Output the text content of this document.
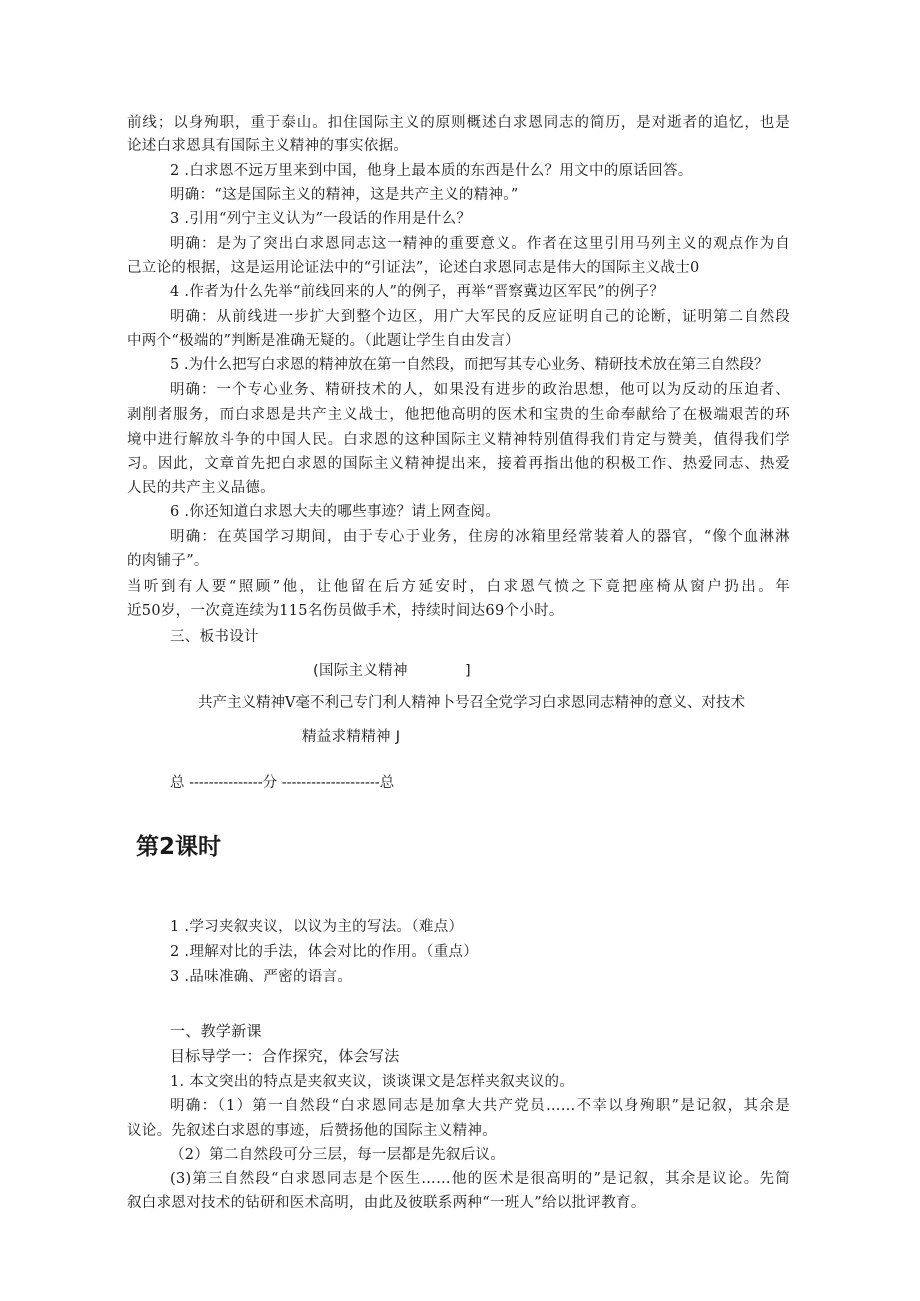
前线；以身殉职，重于泰山。扣住国际主义的原则概述白求恩同志的简历，是对逝者的追忆，也是
论述白求恩具有国际主义精神的事实依据。
2 .白求恩不远万里来到中国，他身上最本质的东西是什么？用文中的原话回答。
明确：“这是国际主义的精神，这是共产主义的精神。”
3 .引用“列宁主义认为”一段话的作用是什么？
明确：是为了突出白求恩同志这一精神的重要意义。作者在这里引用马列主义的观点作为自
己立论的根据，这是运用论证法中的“引证法”，论述白求恩同志是伟大的国际主义战士0
4 .作者为什么先举“前线回来的人”的例子，再举“晋察冀边区军民”的例子？
明确：从前线进一步扩大到整个边区，用广大军民的反应证明自己的论断，证明第二自然段
中两个“极端的”判断是准确无疑的。（此题让学生自由发言）
5 .为什么把写白求恩的精神放在第一自然段，而把写其专心业务、精研技术放在第三自然段？
明确：一个专心业务、精研技术的人，如果没有进步的政治思想，他可以为反动的压迫者、
剥削者服务，而白求恩是共产主义战士，他把他高明的医术和宝贵的生命奉献给了在极端艰苦的环
境中进行解放斗争的中国人民。白求恩的这种国际主义精神特别值得我们肯定与赞美，值得我们学
习。因此，文章首先把白求恩的国际主义精神提出来，接着再指出他的积极工作、热爱同志、热爱
人民的共产主义品德。
6 .你还知道白求恩大夫的哪些事迹？请上网查阅。
明确：在英国学习期间，由于专心于业务，住房的冰箱里经常装着人的器官，“像个血淋淋
的肉铺子”。
当听到有人要“照顾”他，让他留在后方延安时，白求恩气愤之下竟把座椅从窗户扔出。年
近50岁，一次竟连续为115名伤员做手术，持续时间达69个小时。
三、板书设计
(国际主义精神	]
共产主义精神V毫不利己专门利人精神卜号召全党学习白求恩同志精神的意义、对技术
精益求精精神 J
总 ---------------分 --------------------总
第2课时
1 .学习夹叙夹议，以议为主的写法。（难点）
2 .理解对比的手法，体会对比的作用。（重点）
3 .品味准确、严密的语言。
一、教学新课
目标导学一：合作探究，体会写法
1. 本文突出的特点是夹叙夹议，谈谈课文是怎样夹叙夹议的。
明确：（1）第一自然段“白求恩同志是加拿大共产党员……不幸以身殉职”是记叙，其余是
议论。先叙述白求恩的事迹，后赞扬他的国际主义精神。
（2）第二自然段可分三层，每一层都是先叙后议。
(3)第三自然段“白求恩同志是个医生……他的医术是很高明的”是记叙，其余是议论。先简
叙白求恩对技术的钻研和医术高明，由此及彼联系两种“一班人”给以批评教育。
